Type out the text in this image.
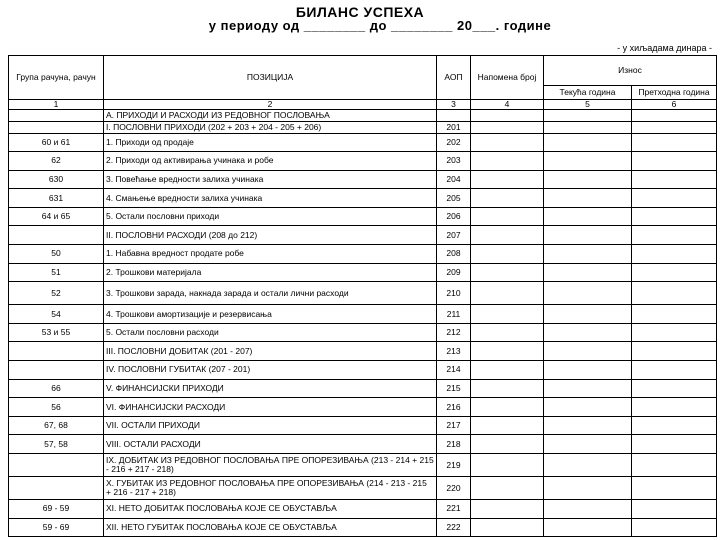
БИЛАНС УСПЕХА
у периоду од ________ до ________ 20___. године
- у хиљадама динара -
Група рачуна, рачун	ПОЗИЦИЈА	АОП	Напомена број	Износ	
				Текућа година	Претходна година
1	2	3	4	5	6
	А. ПРИХОДИ И РАСХОДИ ИЗ РЕДОВНОГ ПОСЛОВАЊА				
	I. ПОСЛОВНИ ПРИХОДИ (202 + 203 + 204 - 205 + 206)	201			
60 и 61	1. Приходи од продаје	202			
62	2. Приходи од активирања учинака и робе	203			
630	3. Повећање вредности залиха учинака	204			
631	4. Смањење вредности залиха учинака	205			
64 и 65	5. Остали пословни приходи	206			
	II. ПОСЛОВНИ РАСХОДИ (208 до 212)	207			
50	1. Набавна вредност продате робе	208			
51	2. Трошкови материјала	209			
52	3. Трошкови зарада, накнада зарада и остали лични расходи	210			
54	4. Трошкови амортизације и резервисања	211			
53 и 55	5. Остали пословни расходи	212			
	III. ПОСЛОВНИ ДОБИТАК (201 - 207)	213			
	IV. ПОСЛОВНИ ГУБИТАК (207 - 201)	214			
66	V. ФИНАНСИЈСКИ ПРИХОДИ	215			
56	VI. ФИНАНСИЈСКИ РАСХОДИ	216			
67, 68	VII. ОСТАЛИ ПРИХОДИ	217			
57, 58	VIII. ОСТАЛИ РАСХОДИ	218			
	IX. ДОБИТАК ИЗ РЕДОВНОГ ПОСЛОВАЊА ПРЕ ОПОРЕЗИВАЊА (213 - 214 + 215 - 216 + 217 - 218)	219			
	X. ГУБИТАК ИЗ РЕДОВНОГ ПОСЛОВАЊА ПРЕ ОПОРЕЗИВАЊА (214 - 213 - 215 + 216 - 217 + 218)	220			
69 - 59	XI. НЕТО ДОБИТАК ПОСЛОВАЊА КОЈЕ СЕ ОБУСТАВЉА	221			
59 - 69	XII. НЕТО ГУБИТАК ПОСЛОВАЊА КОЈЕ СЕ ОБУСТАВЉА	222			
